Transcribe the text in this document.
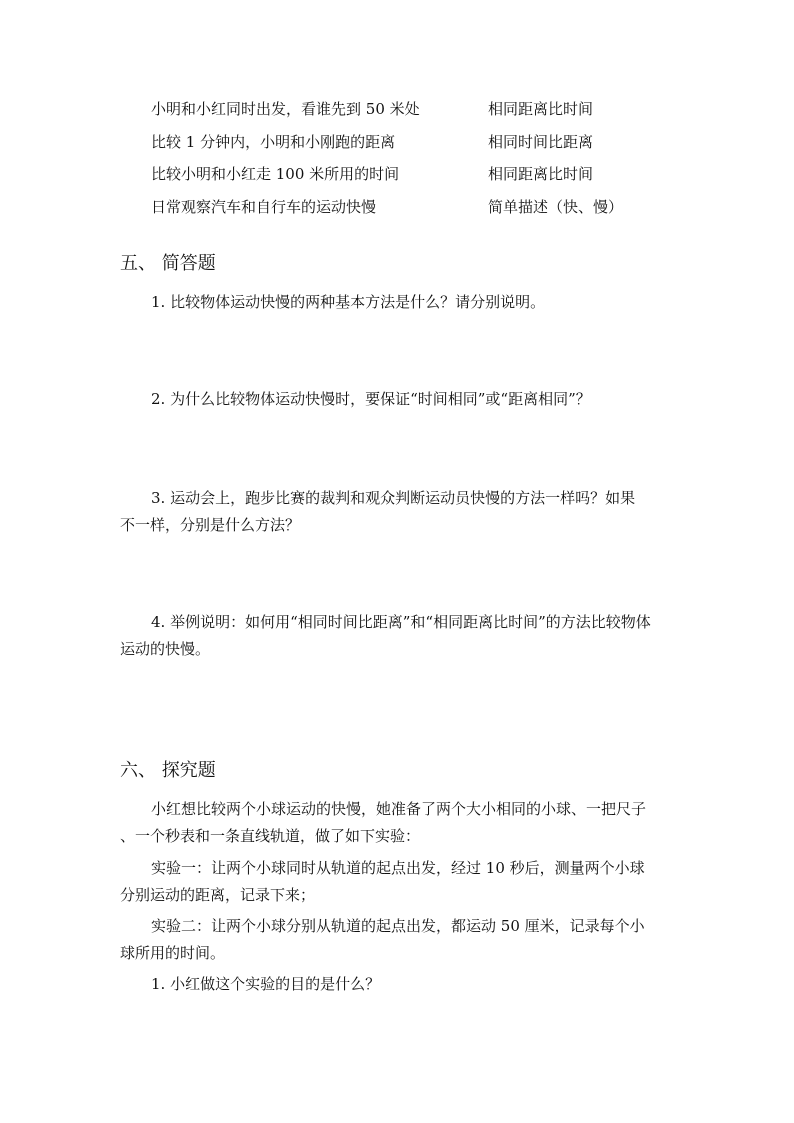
小明和小红同时出发，看谁先到 50 米处	相同距离比时间
比较 1 分钟内，小明和小刚跑的距离	相同时间比距离
比较小明和小红走 100 米所用的时间	相同距离比时间
日常观察汽车和自行车的运动快慢	简单描述（快、慢）
五、 简答题
1. 比较物体运动快慢的两种基本方法是什么？请分别说明。
2. 为什么比较物体运动快慢时，要保证“时间相同”或“距离相同”？
3. 运动会上，跑步比赛的裁判和观众判断运动员快慢的方法一样吗？如果
不一样，分别是什么方法？
4. 举例说明：如何用“相同时间比距离”和“相同距离比时间”的方法比较物体
运动的快慢。
六、 探究题
小红想比较两个小球运动的快慢，她准备了两个大小相同的小球、一把尺子
、一个秒表和一条直线轨道，做了如下实验：
实验一：让两个小球同时从轨道的起点出发，经过 10 秒后，测量两个小球
分别运动的距离，记录下来；
实验二：让两个小球分别从轨道的起点出发，都运动 50 厘米，记录每个小
球所用的时间。
1. 小红做这个实验的目的是什么？
